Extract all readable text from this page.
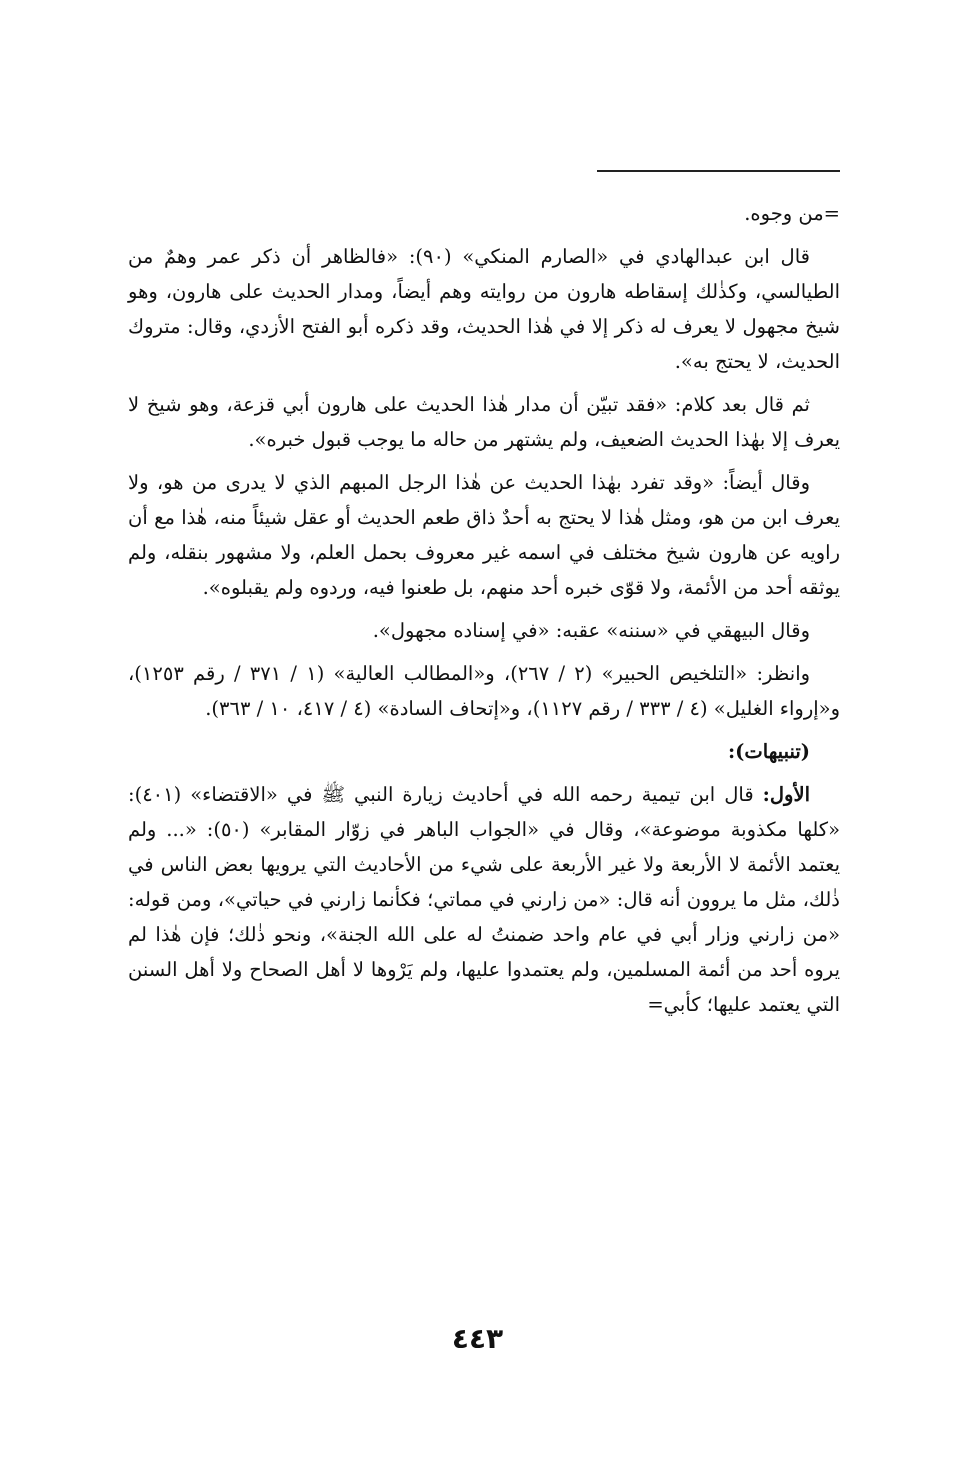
=من وجوه.

قال ابن عبدالهادي في «الصارم المنكي» (٩٠): «فالظاهر أن ذكر عمر وهمٌ من الطيالسي، وكذٰلك إسقاطه هارون من روايته وهم أيضاً، ومدار الحديث على هارون، وهو شيخ مجهول لا يعرف له ذكر إلا في هٰذا الحديث، وقد ذكره أبو الفتح الأزدي، وقال: متروك الحديث، لا يحتج به».

ثم قال بعد كلام: «فقد تبيّن أن مدار هٰذا الحديث على هارون أبي قزعة، وهو شيخ لا يعرف إلا بهٰذا الحديث الضعيف، ولم يشتهر من حاله ما يوجب قبول خبره».

وقال أيضاً: «وقد تفرد بهٰذا الحديث عن هٰذا الرجل المبهم الذي لا يدرى من هو، ولا يعرف ابن من هو، ومثل هٰذا لا يحتج به أحدٌ ذاق طعم الحديث أو عقل شيئاً منه، هٰذا مع أن راويه عن هارون شيخ مختلف في اسمه غير معروف بحمل العلم، ولا مشهور بنقله، ولم يوثقه أحد من الأئمة، ولا قوّى خبره أحد منهم، بل طعنوا فيه، وردوه ولم يقبلوه».

وقال البيهقي في «سننه» عقبه: «في إسناده مجهول».

وانظر: «التلخيص الحبير» (٢ / ٢٦٧)، و«المطالب العالية» (١ / ٣٧١ / رقم ١٢٥٣)، و«إرواء الغليل» (٤ / ٣٣٣ / رقم ١١٢٧)، و«إتحاف السادة» (٤ / ٤١٧، ١٠ / ٣٦٣).

(تنبيهات):

الأول: قال ابن تيمية رحمه الله في أحاديث زيارة النبي ﷺ في «الاقتضاء» (٤٠١): «كلها مكذوبة موضوعة»، وقال في «الجواب الباهر في زوّار المقابر» (٥٠): «... ولم يعتمد الأئمة لا الأربعة ولا غير الأربعة على شيء من الأحاديث التي يرويها بعض الناس في ذٰلك، مثل ما يروون أنه قال: «من زارني في مماتي؛ فكأنما زارني في حياتي»، ومن قوله: «من زارني وزار أبي في عام واحد ضمنتُ له على الله الجنة»، ونحو ذٰلك؛ فإن هٰذا لم يروه أحد من أئمة المسلمين، ولم يعتمدوا عليها، ولم يَرْوها لا أهل الصحاح ولا أهل السنن التي يعتمد عليها؛ كأبي=

٤٤٣
